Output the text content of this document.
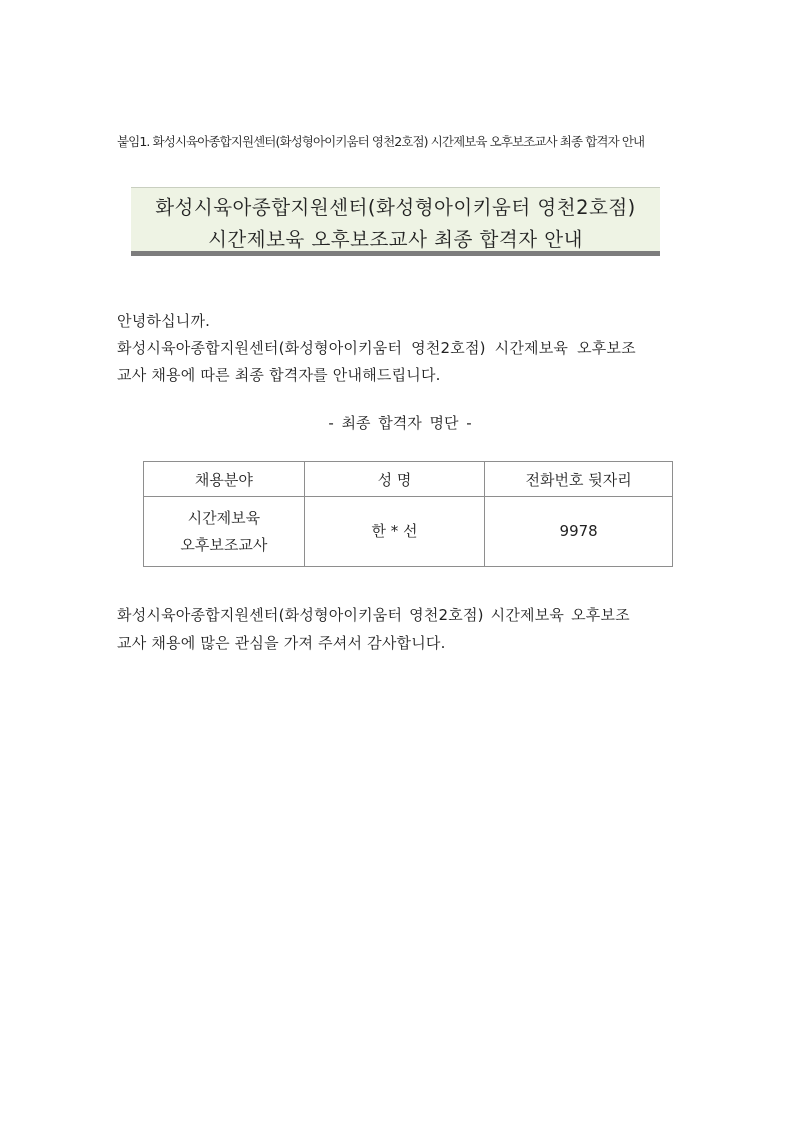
붙임1. 화성시육아종합지원센터(화성형아이키움터 영천2호점) 시간제보육 오후보조교사 최종 합격자 안내
화성시육아종합지원센터(화성형아이키움터 영천2호점)
시간제보육 오후보조교사 최종 합격자 안내
안녕하십니까.
화성시육아종합지원센터(화성형아이키움터 영천2호점) 시간제보육 오후보조
교사 채용에 따른 최종 합격자를 안내해드립니다.
- 최종 합격자 명단 -
채용분야	성 명	전화번호 뒷자리

시간제보육
오후보조교사	한 * 선	9978
화성시육아종합지원센터(화성형아이키움터 영천2호점) 시간제보육 오후보조
교사 채용에 많은 관심을 가져 주셔서 감사합니다.
